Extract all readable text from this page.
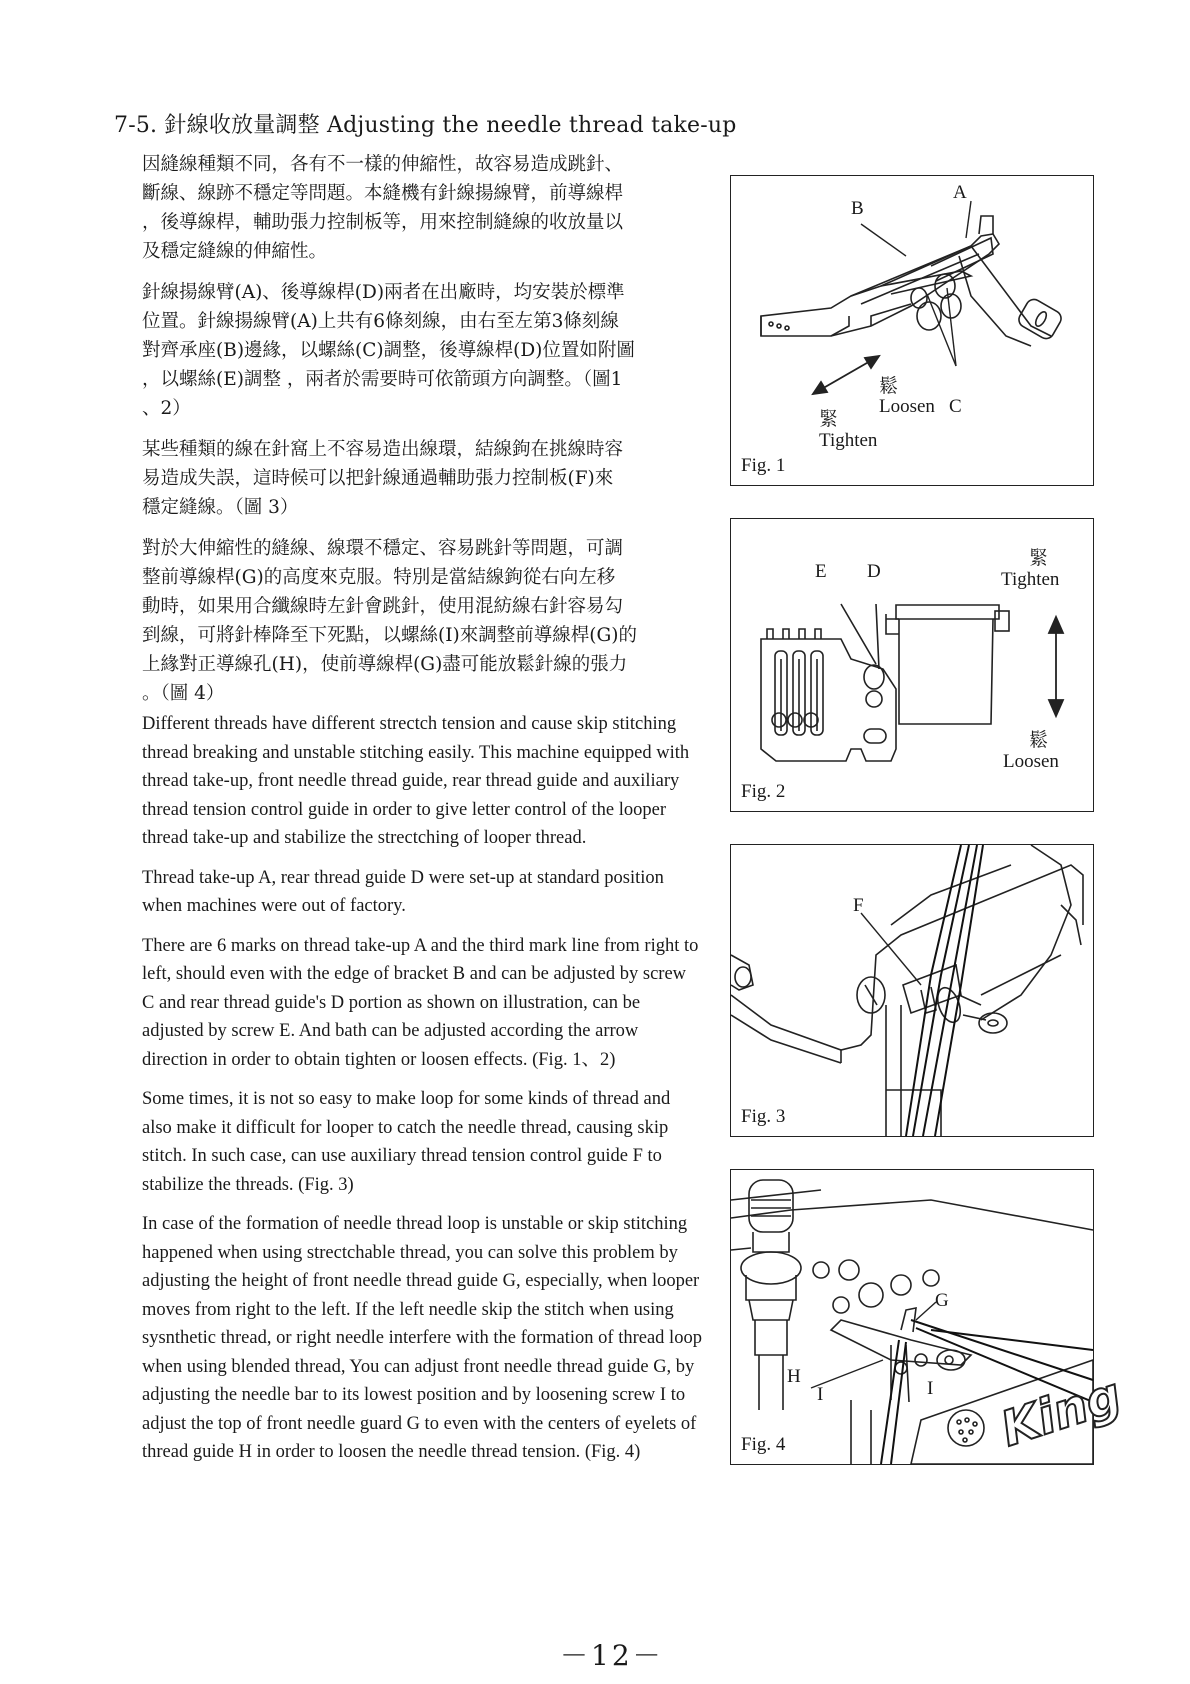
7-5. 針線收放量調整 Adjusting the needle thread take-up

因縫線種類不同，各有不一樣的伸縮性，故容易造成跳針、
斷線、線跡不穩定等問題。本縫機有針線揚線臂，前導線桿
，後導線桿，輔助張力控制板等，用來控制縫線的收放量以
及穩定縫線的伸縮性。

針線揚線臂(A)、後導線桿(D)兩者在出廠時，均安裝於標準
位置。針線揚線臂(A)上共有6條刻線，由右至左第3條刻線
對齊承座(B)邊緣，以螺絲(C)調整，後導線桿(D)位置如附圖
，以螺絲(E)調整 ，兩者於需要時可依箭頭方向調整。（圖1
、2）

某些種類的線在針窩上不容易造出線環，結線鉤在挑線時容
易造成失誤，這時候可以把針線通過輔助張力控制板(F)來
穩定縫線。（圖 3）

對於大伸縮性的縫線、線環不穩定、容易跳針等問題，可調
整前導線桿(G)的高度來克服。特別是當結線鉤從右向左移
動時，如果用合纖線時左針會跳針，使用混紡線右針容易勾
到線，可將針棒降至下死點，以螺絲(I)來調整前導線桿(G)的
上緣對正導線孔(H)，使前導線桿(G)盡可能放鬆針線的張力
。（圖 4）

Different threads have different strectch tension and cause skip stitching thread breaking and unstable stitching easily. This machine equipped with thread take-up, front needle thread guide, rear thread guide and auxiliary thread tension control guide in order to give letter control of the looper thread take-up and stabilize the strectching of looper thread.

Thread take-up A, rear thread guide D were set-up at standard position when machines were out of factory.

There are 6 marks on thread take-up A and the third mark line from right to left, should even with the edge of bracket B and can be adjusted by screw C and rear thread guide's D portion as shown on illustration, can be adjusted by screw E. And bath can be adjusted according the arrow direction in order to obtain tighten or loosen effects. (Fig. 1、2)

Some times, it is not so easy to make loop for some kinds of thread and also make it difficult for looper to catch the needle thread, causing skip stitch. In such case, can use auxiliary thread tension control guide F to stabilize the threads. (Fig. 3)

In case of the formation of needle thread loop is unstable or skip stitching happened when using strectchable thread, you can solve this problem by adjusting the height of front needle thread guide G, especially, when looper moves from right to the left. If the left needle skip the stitch when using sysnthetic thread, or right needle interfere with the formation of thread loop when using blended thread, You can adjust front needle thread guide G, by adjusting the needle bar to its lowest position and by loosening screw I to adjust the top of front needle guard G to even with the centers of eyelets of thread guide H in order to loosen the needle thread tension. (Fig. 4)

A
B
鬆
Loosen C
緊
Tighten
Fig. 1
E D
緊
Tighten
鬆
Loosen
Fig. 2
F
Fig. 3
King
G
H
I	I
Fig. 4
－12－
